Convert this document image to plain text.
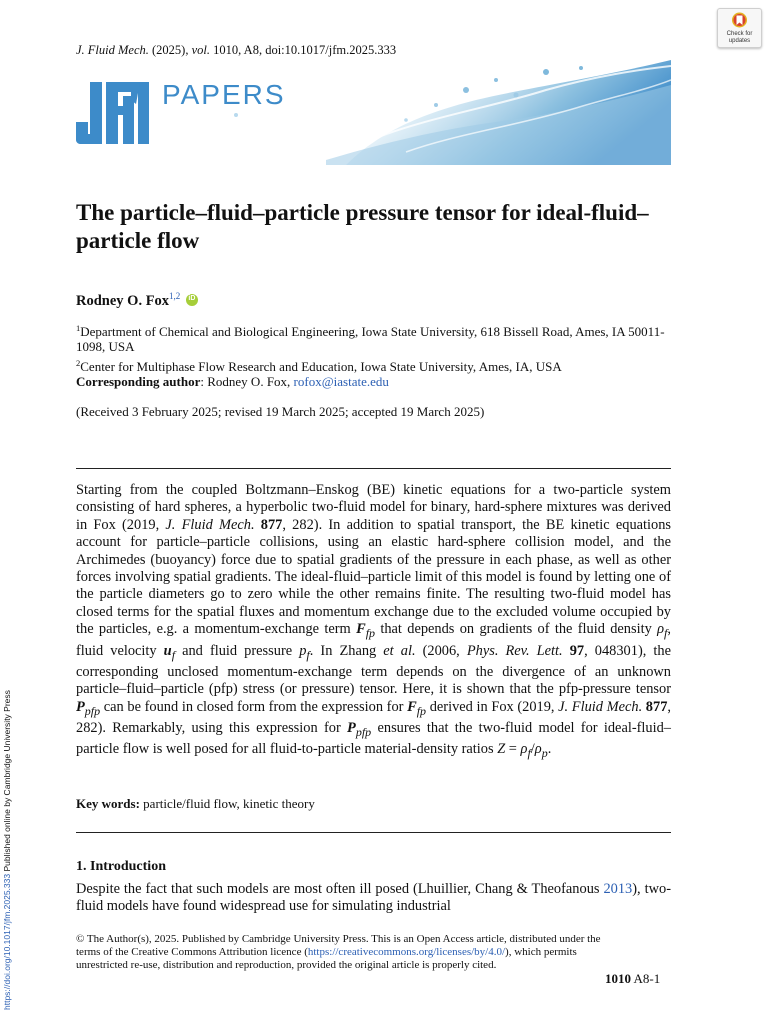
J. Fluid Mech. (2025), vol. 1010, A8, doi:10.1017/jfm.2025.333
PAPERS
Check for
updates
The particle–fluid–particle pressure tensor for ideal-fluid–particle flow
Rodney O. Fox$^{1,2}$	iD
$^1$Department of Chemical and Biological Engineering, Iowa State University, 618 Bissell Road, Ames, IA 50011-1098, USA
$^2$Center for Multiphase Flow Research and Education, Iowa State University, Ames, IA, USA
Corresponding author: Rodney O. Fox, rofox@iastate.edu
(Received 3 February 2025; revised 19 March 2025; accepted 19 March 2025)

Starting from the coupled Boltzmann–Enskog (BE) kinetic equations for a two-particle system consisting of hard spheres, a hyperbolic two-fluid model for binary, hard-sphere mixtures was derived in Fox (2019, J. Fluid Mech. 877, 282). In addition to spatial transport, the BE kinetic equations account for particle–particle collisions, using an elastic hard-sphere collision model, and the Archimedes (buoyancy) force due to spatial gradients of the pressure in each phase, as well as other forces involving spatial gradients. The ideal-fluid–particle limit of this model is found by letting one of the particle diameters go to zero while the other remains finite. The resulting two-fluid model has closed terms for the spatial fluxes and momentum exchange due to the excluded volume occupied by the particles, e.g. a momentum-exchange term $F_{fp}$ that depends on gradients of the fluid density $\rho_f$, fluid velocity $u_f$ and fluid pressure $p_f$. In Zhang et al. (2006, Phys. Rev. Lett. 97, 048301), the corresponding unclosed momentum-exchange term depends on the divergence of an unknown particle–fluid–particle (pfp) stress (or pressure) tensor. Here, it is shown that the pfp-pressure tensor $P_{pfp}$ can be found in closed form from the expression for $F_{fp}$ derived in Fox (2019, J. Fluid Mech. 877, 282). Remarkably, using this expression for $P_{pfp}$ ensures that the two-fluid model for ideal-fluid–particle flow is well posed for all fluid-to-particle material-density ratios $Z = \rho_f/\rho_p$.

Key words: particle/fluid flow, kinetic theory
1. Introduction
Despite the fact that such models are most often ill posed (Lhuillier, Chang & Theofanous 2013), two-fluid models have found widespread use for simulating industrial
© The Author(s), 2025. Published by Cambridge University Press. This is an Open Access article, distributed under the terms of the Creative Commons Attribution licence (https://creativecommons.org/licenses/by/4.0/), which permits unrestricted re-use, distribution and reproduction, provided the original article is properly cited.
1010 A8-1
https://doi.org/10.1017/jfm.2025.333 Published online by Cambridge University Press
